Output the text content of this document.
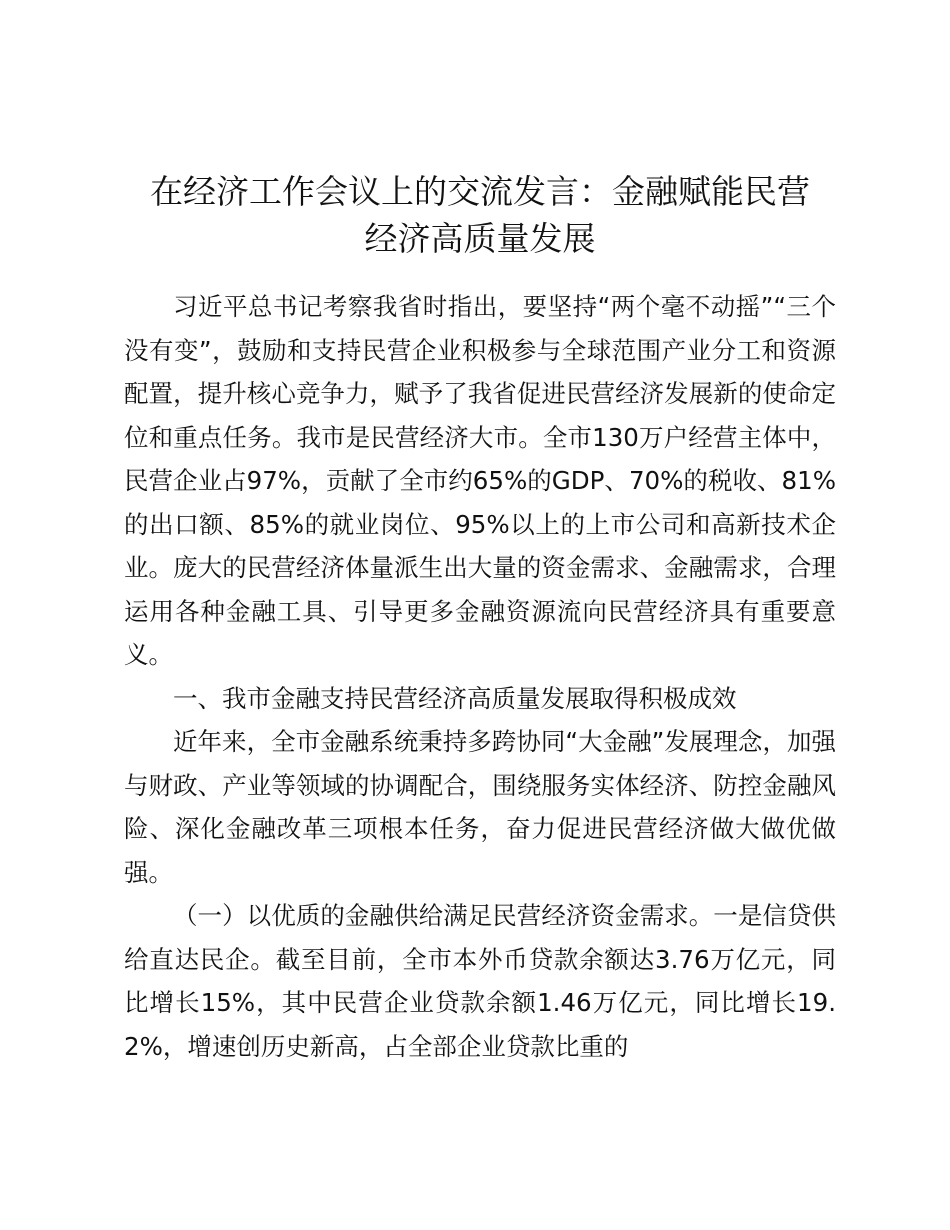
在经济工作会议上的交流发言：金融赋能民营
经济高质量发展

习近平总书记考察我省时指出，要坚持“两个毫不动摇”“三个没有变”，鼓励和支持民营企业积极参与全球范围产业分工和资源配置，提升核心竞争力，赋予了我省促进民营经济发展新的使命定位和重点任务。我市是民营经济大市。全市130万户经营主体中，民营企业占97%，贡献了全市约65%的GDP、70%的税收、81%的出口额、85%的就业岗位、95%以上的上市公司和高新技术企业。庞大的民营经济体量派生出大量的资金需求、金融需求，合理运用各种金融工具、引导更多金融资源流向民营经济具有重要意义。

一、我市金融支持民营经济高质量发展取得积极成效

近年来，全市金融系统秉持多跨协同“大金融”发展理念，加强与财政、产业等领域的协调配合，围绕服务实体经济、防控金融风险、深化金融改革三项根本任务，奋力促进民营经济做大做优做强。

（一）以优质的金融供给满足民营经济资金需求。一是信贷供给直达民企。截至目前，全市本外币贷款余额达3.76万亿元，同比增长15%，其中民营企业贷款余额1.46万亿元，同比增长19.2%，增速创历史新高，占全部企业贷款比重的
